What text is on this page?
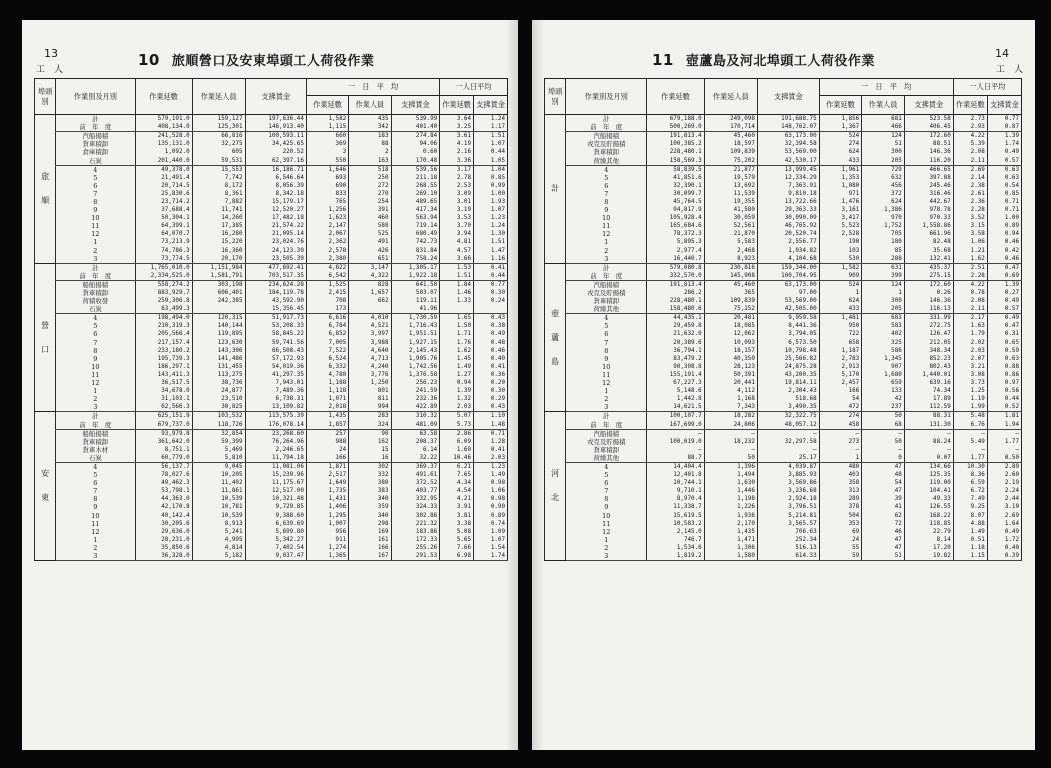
13
工　人
10 旅順營口及安東埠頭工人荷役作業
埠頭別	作業別及月別	作業延數	作業延人員	支拂賃金	一　日　平　均			一人日平均	
					作業延數	作業人員	支拂賃金	作業延數	支拂賃金
旅順	計	579,191.0	159,127	197,636.44	1,582	435	539.99	3.64	1.24
	前　年　度	408,134.0	125,301	146,913.40	1,115	342	401.40	3.25	1.17
	汽船揚積	241,528.0	66,816	100,593.11	660	183	274.84	3.61	1.51
	貨車積卸	135,131.0	32,275	34,425.65	369	88	94.06	4.19	1.07
	倉庫積卸	1,092.0	605	220.52	3	2	0.60	2.16	0.44
	石炭	201,440.0	59,531	62,397.16	550	163	170.48	3.36	1.05
	4	49,378.0	15,553	16,186.71	1,646	518	539.56	3.17	1.04
	5	21,491.4	7,742	6,546.64	693	250	211.18	2.78	0.85
	6	20,714.5	8,172	8,056.39	690	272	268.55	2.53	0.99
	7	25,830.6	8,361	8,342.18	833	270	269.10	3.09	1.00
	8	23,714.2	7,882	15,179.17	765	254	489.65	3.01	1.93
	9	37,688.4	11,741	12,520.27	1,256	391	417.34	3.19	1.07
	10	50,304.1	14,260	17,482.18	1,623	460	563.94	3.53	1.23
	11	64,399.1	17,385	21,574.22	2,147	580	719.14	3.70	1.24
	12	64,070.7	16,280	21,095.14	2,067	525	680.49	3.94	1.30
	1	73,213.9	15,220	23,024.76	2,362	491	742.73	4.81	1.51
	2	74,786.3	16,360	24,123.39	2,578	426	831.84	4.57	1.47
	3	73,774.5	20,170	23,505.39	2,380	651	758.24	3.66	1.16
營口	計	1,765,010.0	1,151,984	477,692.41	4,822	3,147	1,305.17	1.53	0.41
	前　年　度	2,334,525.0	1,581,791	703,517.35	6,542	4,322	1,922.18	1.51	0.44
	船舶揚積	558,274.2	303,198	234,624.28	1,525	828	641.50	1.84	0.77
	貨車積卸	883,929.7	606,401	184,119.78	2,415	1,657	503.07	1.46	0.30
	荷積收發	259,306.8	242,385	43,592.90	708	662	119.11	1.33	0.24
	石炭	63,499.3		15,356.45	173		41.96		
	4	198,494.0	120,315	51,917.73	6,616	4,010	1,730.59	1.65	0.43
	5	210,319.3	140,144	53,208.33	6,784	4,521	1,716.43	1.50	0.38
	6	205,566.4	119,895	58,845.22	6,852	3,997	1,951.51	1.71	0.49
	7	217,157.4	123,630	59,741.56	7,005	3,988	1,927.15	1.76	0.48
	8	233,180.2	143,306	66,508.43	7,522	4,640	2,145.43	1.62	0.46
	9	195,739.3	141,486	57,172.93	6,524	4,713	1,905.76	1.45	0.40
	10	186,297.1	131,455	54,019.36	6,332	4,240	1,742.56	1.49	0.41
	11	143,411.3	113,275	41,297.35	4,780	3,776	1,376.58	1.27	0.36
	12	36,517.5	38,736	7,943.01	1,188	1,250	256.23	0.94	0.20
	1	34,678.0	24,877	7,489.36	1,118	801	241.59	1.39	0.30
	2	31,103.1	23,510	6,738.31	1,071	811	232.36	1.32	0.29
	3	62,566.3	30,825	13,109.82	2,018	994	422.89	2.03	0.43
安東	計	625,151.9	103,532	113,575.39	1,435	283	310.32	5.07	1.10
	前　年　度	679,737.0	118,726	176,078.14	1,857	324	481.09	5.73	1.48
	船舶揚積	93,979.8	32,854	23,268.60	257	90	63.58	2.86	0.71
	貨車積卸	361,642.0	59,399	76,264.96	988	162	208.37	6.09	1.28
	貨車木材	8,751.1	5,469	2,246.65	24	15	6.14	1.60	0.41
	石炭	60,779.0	5,810	11,794.18	166	16	32.22	10.46	2.03
	4	56,137.7	9,045	11,081.06	1,871	302	369.37	6.21	1.23
	5	78,027.6	10,205	15,239.96	2,517	332	491.61	7.65	1.49
	6	49,462.3	11,402	11,175.67	1,649	380	372.52	4.34	0.98
	7	53,798.1	11,861	12,517.00	1,735	383	403.77	4.54	1.06
	8	44,363.0	10,539	10,321.48	1,431	340	332.95	4.21	0.98
	9	42,170.8	10,781	9,729.85	1,406	359	324.33	3.91	0.90
	10	40,142.4	10,539	9,388.60	1,295	340	302.86	3.81	0.89
	11	30,205.6	8,913	6,639.69	1,007	298	221.32	3.38	0.74
	12	29,636.0	5,241	5,699.80	956	169	183.86	5.08	1.09
	1	28,231.0	4,995	5,342.27	911	161	172.33	5.65	1.07
	2	35,850.6	4,814	7,402.54	1,274	166	255.26	7.66	1.54
	3	36,328.0	5,182	9,037.47	1,365	167	291.53	6.98	1.74
14
工　人
11 壺蘆島及河北埠頭工人荷役作業
埠頭別	作業別及月別	作業延數	作業延人員	支拂賃金	一　日　平　均			一人日平均	
					作業延數	作業人員	支拂賃金	作業延數	支拂賃金
計	計	679,188.0	249,098	191,688.75	1,856	681	523.58	2.73	0.77
	前　年　度	500,269.0	170,714	148,762.07	1,367	466	406.45	2.93	0.87
	汽船揚積	191,813.4	45,460	63,173.00	524	124	172.60	4.22	1.39
	戎克及貯揚積	100,385.2	18,597	32,394.58	274	51	88.51	5.39	1.74
	貨車積卸	228,480.1	109,839	53,569.00	624	300	146.36	2.08	0.49
	荷繰其他	158,569.3	75,202	42,530.17	433	205	116.20	2.11	0.57
	4	58,839.5	21,877	13,999.45	1,961	729	466.65	2.69	0.63
	5	41,851.6	19,579	12,334.29	1,353	632	397.88	2.14	0.63
	6	32,390.1	13,692	7,363.91	1,080	456	245.46	2.38	0.54
	7	30,099.7	11,539	9,810.18	971	372	316.46	2.61	0.85
	8	45,764.5	19,355	13,722.66	1,476	624	442.67	2.36	0.71
	9	94,817.9	41,580	29,363.33	3,161	1,386	978.78	2.28	0.71
	10	105,928.4	30,059	30,090.09	3,417	970	970.33	3.52	1.00
	11	165,684.6	52,561	46,765.92	5,523	1,752	1,558.86	3.15	0.89
	12	78,372.3	21,870	20,520.74	2,528	705	661.96	3.58	0.94
	1	5,895.3	5,583	2,556.77	190	180	82.48	1.06	0.46
	2	2,977.4	2,468	1,034.82	103	85	35.68	1.21	0.42
	3	16,440.7	8,923	4,104.68	530	288	132.41	1.62	0.46
壺蘆島	計	579,080.8	230,816	159,344.00	1,582	631	435.37	2.51	0.47
	前　年　度	332,570.0	145,908	100,704.95	909	399	275.15	2.28	0.69
	汽船揚積	191,813.4	45,460	63,173.00	524	124	172.60	4.22	1.39
	戎克及貯揚積	286.2	365	97.00	1	1	0.26	0.78	0.27
	貨車積卸	228,480.1	109,839	53,569.00	624	300	146.36	2.08	0.49
	荷繰其他	158,480.6	75,152	42,505.00	433	205	116.13	2.11	0.57
	4	44,435.1	20,481	9,959.58	1,481	683	331.99	2.17	0.49
	5	29,459.8	18,085	8,441.36	950	583	272.75	1.63	0.47
	6	21,632.0	12,062	3,794.05	722	402	126.47	1.79	0.31
	7	20,389.6	10,093	6,573.50	658	325	212.05	2.02	0.65
	8	36,794.1	18,157	10,798.48	1,187	586	348.34	2.03	0.59
	9	83,479.2	40,350	25,566.82	2,783	1,345	852.23	2.07	0.63
	10	90,308.8	28,123	24,875.28	2,913	907	802.43	3.21	0.88
	11	155,191.4	50,391	43,200.35	5,170	1,680	1,440.01	3.08	0.86
	12	67,227.3	20,441	19,814.11	2,457	659	639.16	3.73	0.97
	1	5,148.6	4,112	2,304.43	166	133	74.34	1.25	0.56
	2	1,442.8	1,168	518.68	54	42	17.89	1.19	0.44
	3	14,621.5	7,343	3,490.35	472	237	112.59	1.99	0.52
河北	計	100,107.7	18,282	32,322.75	274	50	88.31	5.48	1.81
	前　年　度	167,699.0	24,806	48,057.12	458	68	131.30	6.76	1.94
	汽船揚積	—	—	—	—	—	—	—	—
	戎克及貯揚積	100,019.0	18,232	32,297.58	273	50	88.24	5.49	1.77
	貨車積卸	—	—	—	—	—	—	—	—
	荷繰其他	88.7	50	25.17	1	0	0.07	1.77	0.50
	4	14,404.4	1,396	4,039.87	480	47	134.66	10.30	2.89
	5	12,401.8	1,494	3,885.93	403	48	125.35	8.36	2.60
	6	10,744.1	1,630	3,569.86	358	54	119.00	6.59	2.19
	7	9,710.1	1,446	3,236.68	313	47	104.41	6.72	2.24
	8	8,970.4	1,198	2,924.18	289	39	49.33	7.49	2.44
	9	11,338.7	1,226	3,796.51	378	41	126.55	9.25	3.10
	10	15,619.5	1,936	5,214.81	504	62	168.22	8.07	2.69
	11	10,583.2	2,170	3,565.57	353	72	118.85	4.88	1.64
	12	2,145.0	1,435	706.63	69	46	22.79	1.49	0.49
	1	746.7	1,471	252.34	24	47	8.14	0.51	1.72
	2	1,534.6	1,306	516.13	55	47	17.20	1.18	0.40
	3	1,819.2	1,580	614.33	59	51	19.82	1.15	0.39
